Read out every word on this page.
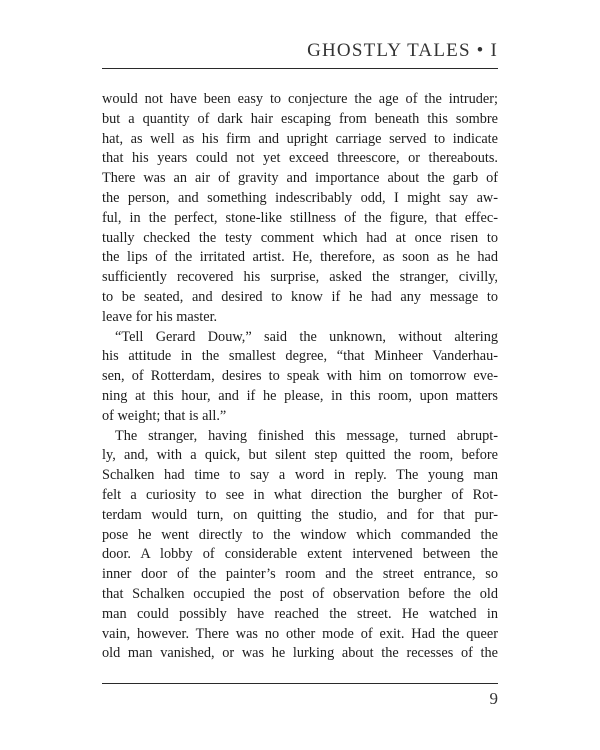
GHOSTLY TALES • I
would not have been easy to conjecture the age of the intruder;
but a quantity of dark hair escaping from beneath this sombre
hat, as well as his firm and upright carriage served to indicate
that his years could not yet exceed threescore, or thereabouts.
There was an air of gravity and importance about the garb of
the person, and something indescribably odd, I might say aw-
ful, in the perfect, stone-like stillness of the figure, that effec-
tually checked the testy comment which had at once risen to
the lips of the irritated artist. He, therefore, as soon as he had
sufficiently recovered his surprise, asked the stranger, civilly,
to be seated, and desired to know if he had any message to
leave for his master.
“Tell Gerard Douw,” said the unknown, without altering
his attitude in the smallest degree, “that Minheer Vanderhau-
sen, of Rotterdam, desires to speak with him on tomorrow eve-
ning at this hour, and if he please, in this room, upon matters
of weight; that is all.”
The stranger, having finished this message, turned abrupt-
ly, and, with a quick, but silent step quitted the room, before
Schalken had time to say a word in reply. The young man
felt a curiosity to see in what direction the burgher of Rot-
terdam would turn, on quitting the studio, and for that pur-
pose he went directly to the window which commanded the
door. A lobby of considerable extent intervened between the
inner door of the painter’s room and the street entrance, so
that Schalken occupied the post of observation before the old
man could possibly have reached the street. He watched in
vain, however. There was no other mode of exit. Had the queer
old man vanished, or was he lurking about the recesses of the
9
